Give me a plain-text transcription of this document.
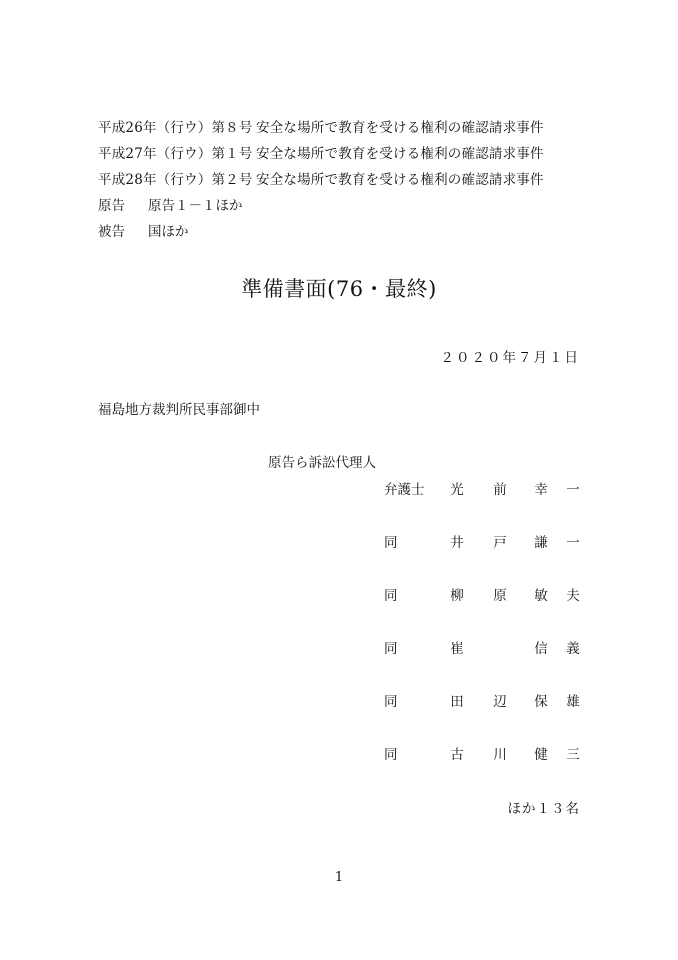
平成26年（行ウ）第８号 安全な場所で教育を受ける権利の確認請求事件
平成27年（行ウ）第１号 安全な場所で教育を受ける権利の確認請求事件
平成28年（行ウ）第２号 安全な場所で教育を受ける権利の確認請求事件
原告 原告１－１ほか
被告 国ほか
準備書面(76・最終)
２０２０年７月１日
福島地方裁判所民事部御中
原告ら訴訟代理人
弁護士 光 前 幸 一
同	井 戸 謙 一
同	柳 原 敏 夫
同	崔	信 義
同	田 辺 保 雄
同	古 川 健 三
ほか１３名
1
